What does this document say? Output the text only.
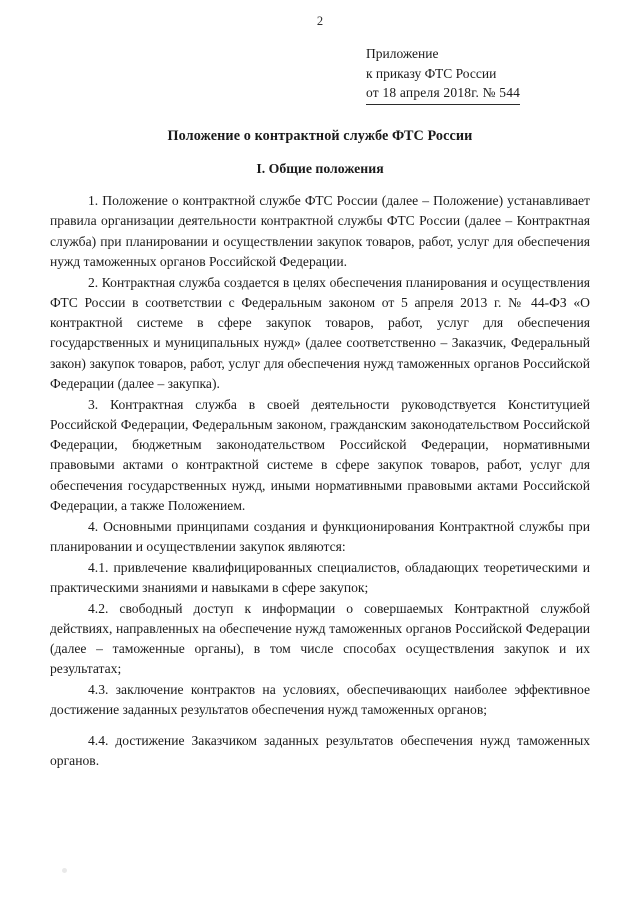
2
Приложение
к приказу ФТС России
от 18 апреля 2018г. № 544
Положение о контрактной службе ФТС России
I. Общие положения

1. Положение о контрактной службе ФТС России (далее – Положение) устанавливает правила организации деятельности контрактной службы ФТС России (далее – Контрактная служба) при планировании и осуществлении закупок товаров, работ, услуг для обеспечения нужд таможенных органов Российской Федерации.

2. Контрактная служба создается в целях обеспечения планирования и осуществления ФТС России в соответствии с Федеральным законом от 5 апреля 2013 г. № 44-ФЗ «О контрактной системе в сфере закупок товаров, работ, услуг для обеспечения государственных и муниципальных нужд» (далее соответственно – Заказчик, Федеральный закон) закупок товаров, работ, услуг для обеспечения нужд таможенных органов Российской Федерации (далее – закупка).

3. Контрактная служба в своей деятельности руководствуется Конституцией Российской Федерации, Федеральным законом, гражданским законодательством Российской Федерации, бюджетным законодательством Российской Федерации, нормативными правовыми актами о контрактной системе в сфере закупок товаров, работ, услуг для обеспечения государственных нужд, иными нормативными правовыми актами Российской Федерации, а также Положением.

4. Основными принципами создания и функционирования Контрактной службы при планировании и осуществлении закупок являются:

4.1. привлечение квалифицированных специалистов, обладающих теоретическими и практическими знаниями и навыками в сфере закупок;

4.2. свободный доступ к информации о совершаемых Контрактной службой действиях, направленных на обеспечение нужд таможенных органов Российской Федерации (далее – таможенные органы), в том числе способах осуществления закупок и их результатах;

4.3. заключение контрактов на условиях, обеспечивающих наиболее эффективное достижение заданных результатов обеспечения нужд таможенных органов;

4.4. достижение Заказчиком заданных результатов обеспечения нужд таможенных органов.
